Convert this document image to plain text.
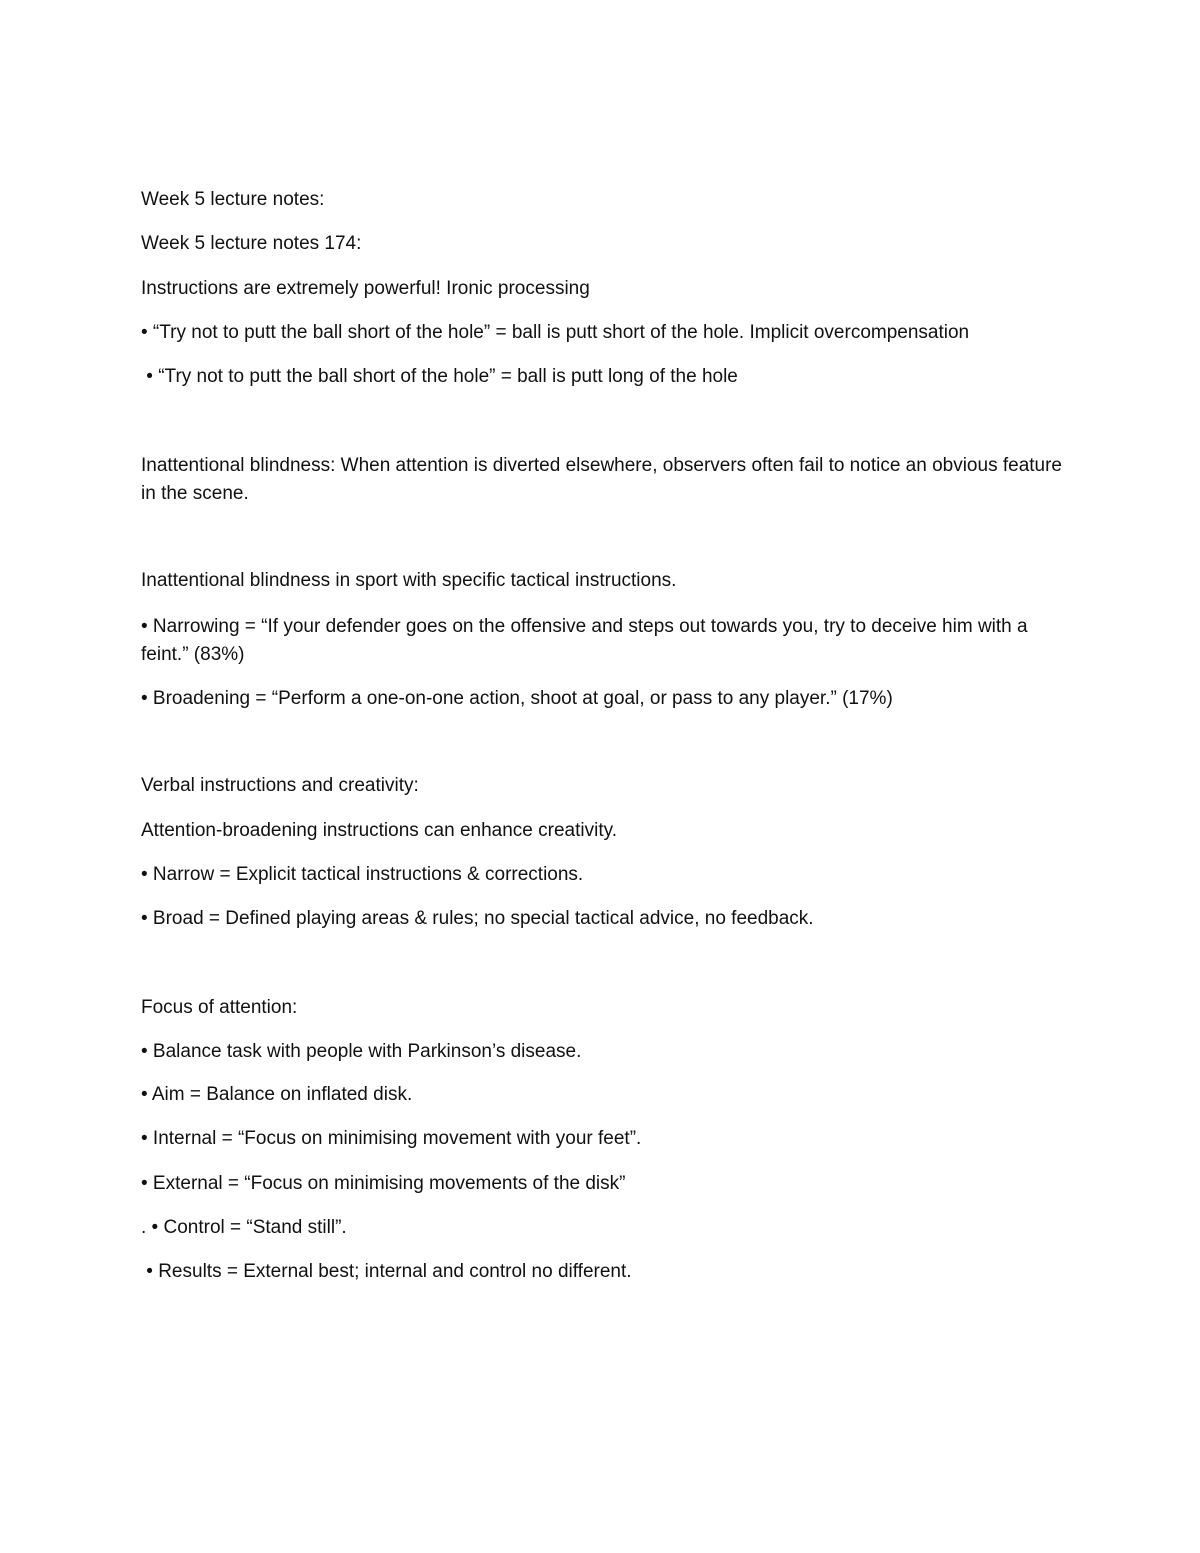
Week 5 lecture notes:
Week 5 lecture notes 174:
Instructions are extremely powerful! Ironic processing
• “Try not to putt the ball short of the hole” = ball is putt short of the hole. Implicit overcompensation
• “Try not to putt the ball short of the hole” = ball is putt long of the hole
Inattentional blindness: When attention is diverted elsewhere, observers often fail to notice an obvious feature in the scene.
Inattentional blindness in sport with specific tactical instructions.
• Narrowing = “If your defender goes on the offensive and steps out towards you, try to deceive him with a feint.” (83%)
• Broadening = “Perform a one-on-one action, shoot at goal, or pass to any player.” (17%)
Verbal instructions and creativity:
Attention-broadening instructions can enhance creativity.
• Narrow = Explicit tactical instructions & corrections.
• Broad = Defined playing areas & rules; no special tactical advice, no feedback.
Focus of attention:
• Balance task with people with Parkinson’s disease.
• Aim = Balance on inflated disk.
• Internal = “Focus on minimising movement with your feet”.
• External = “Focus on minimising movements of the disk”
. • Control = “Stand still”.
• Results = External best; internal and control no different.
